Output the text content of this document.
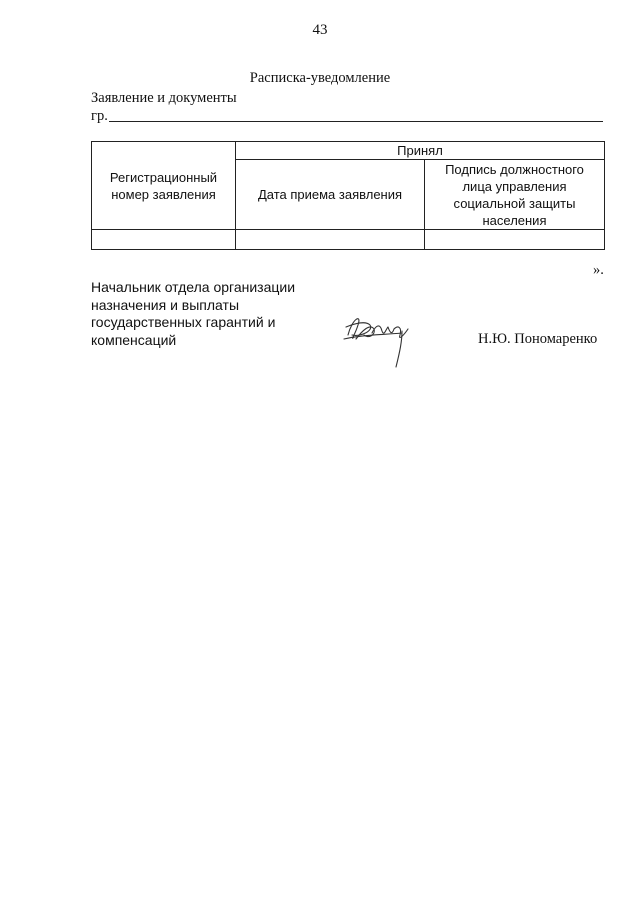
43
Расписка-уведомление
Заявление и документы
гр.
Регистрационный номер заявления	Принял	
	Дата приема заявления	Подпись должностного лица управления социальной защиты населения

».
Начальник отдела организации
назначения и выплаты
государственных гарантий и
компенсаций	Н.Ю. Пономаренко
